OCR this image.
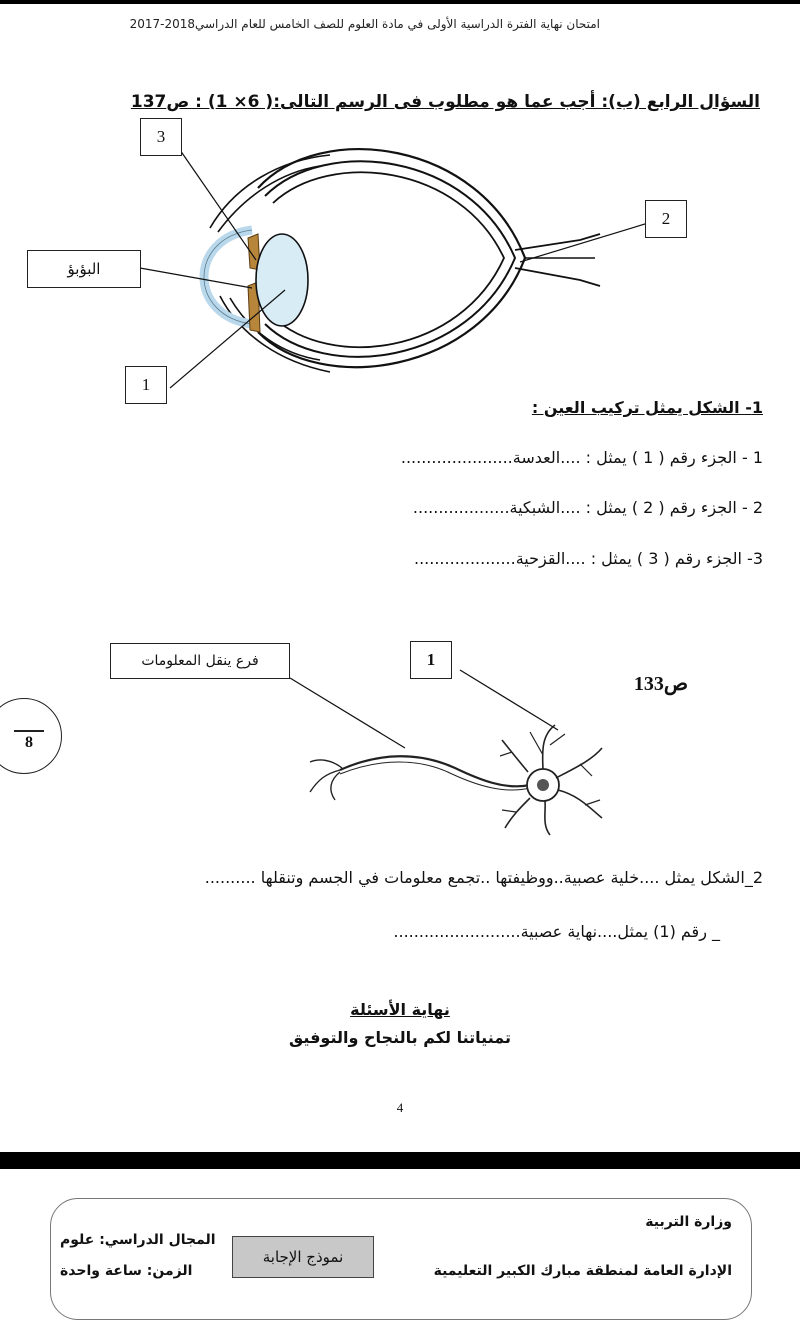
امتحان نهاية الفترة الدراسية الأولى في مادة العلوم للصف الخامس للعام الدراسي2018-2017
السؤال الرابع (ب): أجب عما هو مطلوب فى الرسم التالى:( 6× 1) : ص137
3
2
البؤبؤ
1
1- الشكل يمثل تركيب العين :
1 - الجزء رقم ( 1 ) يمثل : ....العدسة......................
2 - الجزء رقم ( 2 ) يمثل : ....الشبكية...................
3- الجزء رقم ( 3 ) يمثل : ....القزحية....................
فرع ينقل المعلومات	1
ص133
2_الشكل يمثل ....خلية عصبية..ووظيفتها ..تجمع معلومات في الجسم وتنقلها ..........
_ رقم (1) يمثل....نهاية عصبية.........................
8
نهاية الأسئلة
تمنياتنا لكم بالنجاح والتوفيق
4
وزارة التربية
الإدارة العامة لمنطقة مبارك الكبير التعليمية
نموذج الإجابة
المجال الدراسي: علوم
الزمن: ساعة واحدة
